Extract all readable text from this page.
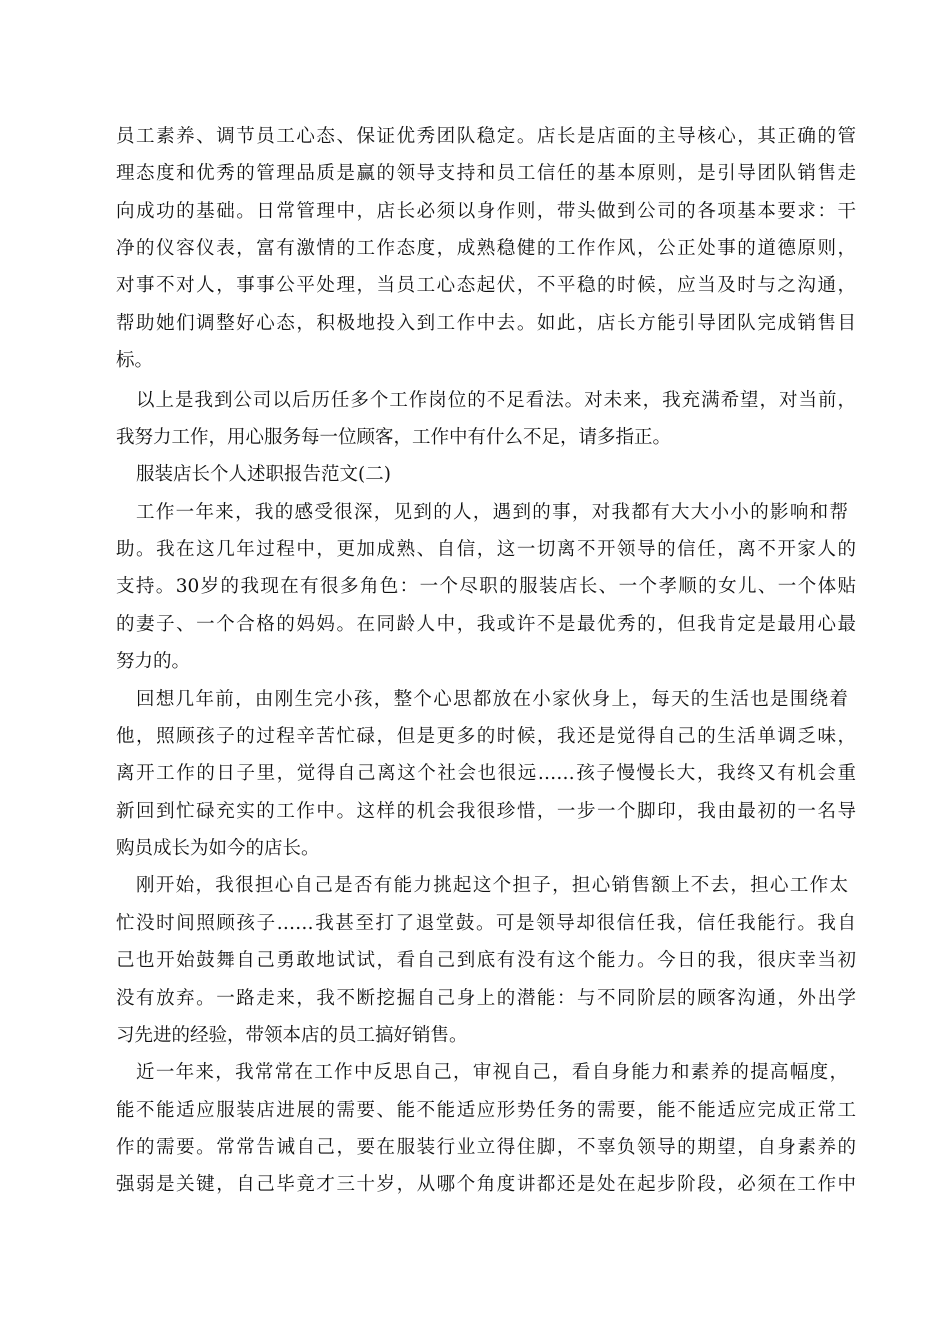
员工素养、调节员工心态、保证优秀团队稳定。店长是店面的主导核心，其正确的管
理态度和优秀的管理品质是赢的领导支持和员工信任的基本原则，是引导团队销售走
向成功的基础。日常管理中，店长必须以身作则，带头做到公司的各项基本要求：干
净的仪容仪表，富有激情的工作态度，成熟稳健的工作作风，公正处事的道德原则，
对事不对人，事事公平处理，当员工心态起伏，不平稳的时候，应当及时与之沟通，
帮助她们调整好心态，积极地投入到工作中去。如此，店长方能引导团队完成销售目
标。
以上是我到公司以后历任多个工作岗位的不足看法。对未来，我充满希望，对当前，
我努力工作，用心服务每一位顾客，工作中有什么不足，请多指正。
服装店长个人述职报告范文(二)
工作一年来，我的感受很深，见到的人，遇到的事，对我都有大大小小的影响和帮
助。我在这几年过程中，更加成熟、自信，这一切离不开领导的信任，离不开家人的
支持。30岁的我现在有很多角色：一个尽职的服装店长、一个孝顺的女儿、一个体贴
的妻子、一个合格的妈妈。在同龄人中，我或许不是最优秀的，但我肯定是最用心最
努力的。
回想几年前，由刚生完小孩，整个心思都放在小家伙身上，每天的生活也是围绕着
他，照顾孩子的过程辛苦忙碌，但是更多的时候，我还是觉得自己的生活单调乏味，
离开工作的日子里，觉得自己离这个社会也很远……孩子慢慢长大，我终又有机会重
新回到忙碌充实的工作中。这样的机会我很珍惜，一步一个脚印，我由最初的一名导
购员成长为如今的店长。
刚开始，我很担心自己是否有能力挑起这个担子，担心销售额上不去，担心工作太
忙没时间照顾孩子……我甚至打了退堂鼓。可是领导却很信任我，信任我能行。我自
己也开始鼓舞自己勇敢地试试，看自己到底有没有这个能力。今日的我，很庆幸当初
没有放弃。一路走来，我不断挖掘自己身上的潜能：与不同阶层的顾客沟通，外出学
习先进的经验，带领本店的员工搞好销售。
近一年来，我常常在工作中反思自己，审视自己，看自身能力和素养的提高幅度，
能不能适应服装店进展的需要、能不能适应形势任务的需要，能不能适应完成正常工
作的需要。常常告诫自己，要在服装行业立得住脚，不辜负领导的期望，自身素养的
强弱是关键，自己毕竟才三十岁，从哪个角度讲都还是处在起步阶段，必须在工作中
